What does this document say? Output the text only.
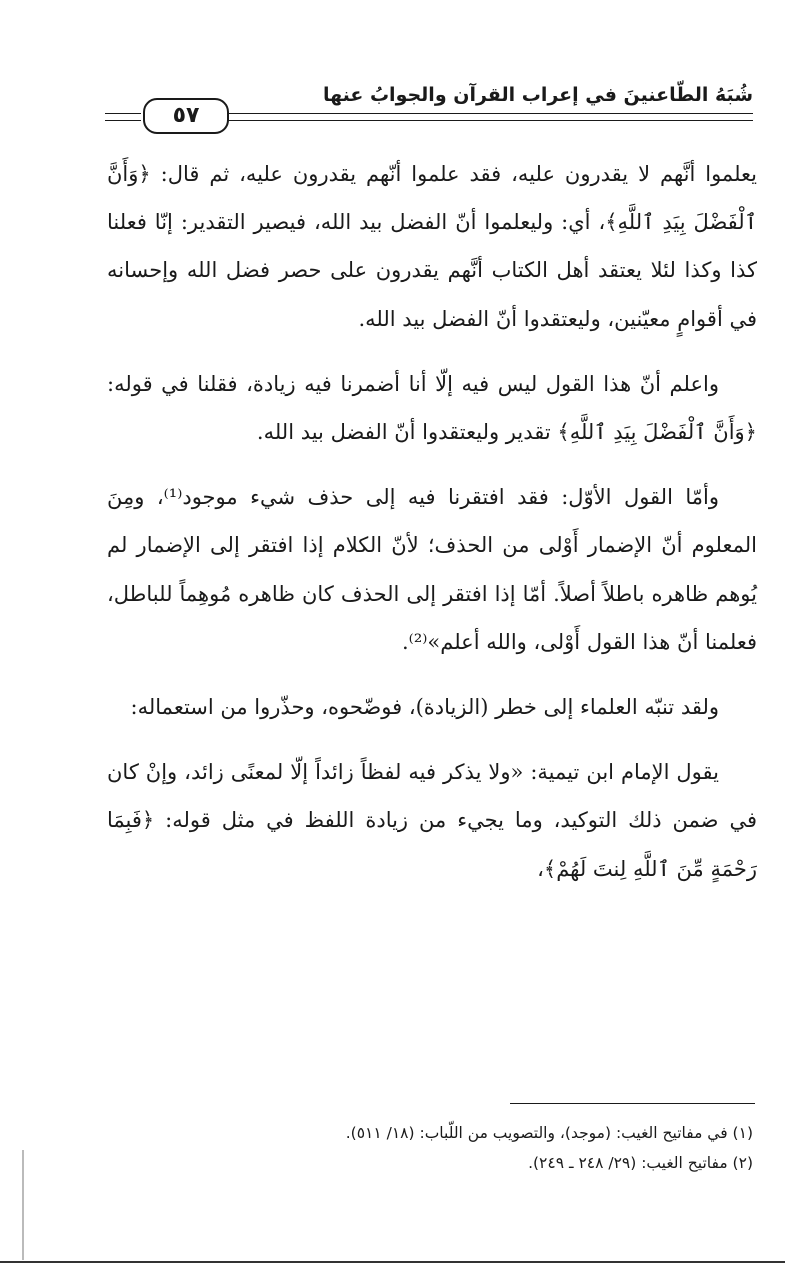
شُبَهُ الطّاعنينَ في إعراب القرآن والجوابُ عنها
٥٧

يعلموا أنَّهم لا يقدرون عليه، فقد علموا أنّهم يقدرون عليه، ثم قال: ﴿وَأَنَّ ٱلْفَضْلَ بِيَدِ ٱللَّهِ﴾، أي: وليعلموا أنّ الفضل بيد الله، فيصير التقدير: إنّا فعلنا كذا وكذا لئلا يعتقد أهل الكتاب أنَّهم يقدرون على حصر فضل الله وإحسانه في أقوامٍ معيّنين، وليعتقدوا أنّ الفضل بيد الله.

واعلم أنّ هذا القول ليس فيه إلّا أنا أضمرنا فيه زيادة، فقلنا في قوله: ﴿وَأَنَّ ٱلْفَضْلَ بِيَدِ ٱللَّهِ﴾ تقدير وليعتقدوا أنّ الفضل بيد الله.

وأمّا القول الأوّل: فقد افتقرنا فيه إلى حذف شيء موجود⁽¹⁾، ومِنَ المعلوم أنّ الإضمار أَوْلى من الحذف؛ لأنّ الكلام إذا افتقر إلى الإضمار لم يُوهم ظاهره باطلاً أصلاً. أمّا إذا افتقر إلى الحذف كان ظاهره مُوهِماً للباطل، فعلمنا أنّ هذا القول أَوْلى، والله أعلم»⁽²⁾.

ولقد تنبّه العلماء إلى خطر (الزيادة)، فوضّحوه، وحذّروا من استعماله:

يقول الإمام ابن تيمية: «ولا يذكر فيه لفظاً زائداً إلّا لمعنًى زائد، وإنْ كان في ضمن ذلك التوكيد، وما يجيء من زيادة اللفظ في مثل قوله: ﴿فَبِمَا رَحْمَةٍ مِّنَ ٱللَّهِ لِنتَ لَهُمْ﴾،

(١) في مفاتيح الغيب: (موجد)، والتصويب من اللّباب: (١٨/ ٥١١).

(٢) مفاتيح الغيب: (٢٩/ ٢٤٨ ـ ٢٤٩).
